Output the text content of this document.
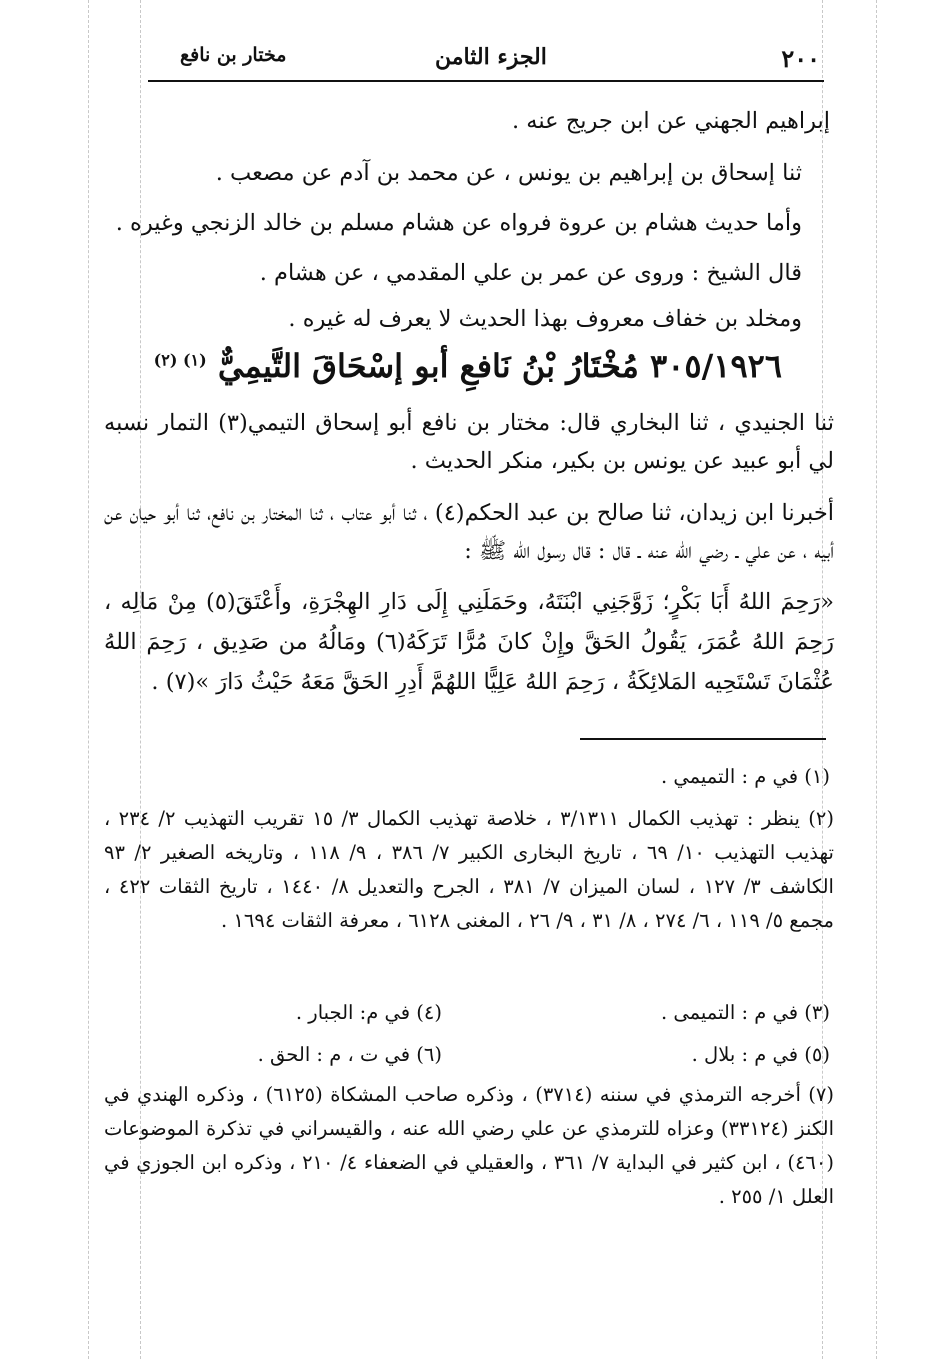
٢٠٠
الجزء الثامن
مختار بن نافع
إبراهيم الجهني عن ابن جريج عنه .
ثنا إسحاق بن إبراهيم بن يونس ، عن محمد بن آدم عن مصعب .
وأما حديث هشام بن عروة فرواه عن هشام مسلم بن خالد الزنجي وغيره .
قال الشيخ : وروى عن عمر بن علي المقدمي ، عن هشام .
ومخلد بن خفاف معروف بهذا الحديث لا يعرف له غيره .
٣٠٥/١٩٢٦ مُخْتَارُ بْنُ نَافعِ أبو إسْحَاقَ التَّيمِيٌّ $^{(١) (٢)}$
ثنا الجنيدي ، ثنا البخاري قال: مختار بن نافع أبو إسحاق التيمي(٣) التمار نسبه لي أبو عبيد عن يونس بن بكير، منكر الحديث .
أخبرنا ابن زيدان، ثنا صالح بن عبد الحكم(٤) ، ثنا أبو عتاب ، ثنا المختار بن نافع، ثنا أبو حيان عن أبيه ، عن علي ـ رضي الله عنه ـ قال : قال رسول الله ﷺ :
«رَحِمَ اللهُ أَبَا بَكْرٍ؛ زَوَّجَنِي ابْنَتَهُ، وحَمَلَنِي إِلَى دَارِ الهِجْرَةِ، وأَعْتَقَ(٥) مِنْ مَالِه ، رَحِمَ اللهُ عُمَرَ، يَقُولُ الحَقَّ وإِنْ كانَ مُرًّا تَرَكَهُ(٦) ومَالُهُ من صَدِيق ، رَحِمَ اللهُ عُثْمَانَ تَسْتَحِيه المَلائِكَةُ ، رَحِمَ اللهُ عَلِيًّا اللهُمَّ أَدِرِ الحَقَّ مَعَهُ حَيْثُ دَارَ »(٧) .
(١) في م : التميمي .
(٢) ينظر : تهذيب الكمال ٣/١٣١١ ، خلاصة تهذيب الكمال ٣/ ١٥ تقريب التهذيب ٢/ ٢٣٤ ، تهذيب التهذيب ١٠/ ٦٩ ، تاريخ البخارى الكبير ٧/ ٣٨٦ ، ٩/ ١١٨ ، وتاريخه الصغير ٢/ ٩٣ الكاشف ٣/ ١٢٧ ، لسان الميزان ٧/ ٣٨١ ، الجرح والتعديل ٨/ ١٤٤٠ ، تاريخ الثقات ٤٢٢ ، مجمع ٥/ ١١٩ ، ٦/ ٢٧٤ ، ٨/ ٣١ ، ٩/ ٢٦ ، المغنى ٦١٢٨ ، معرفة الثقات ١٦٩٤ .
(٣) في م : التميمى .
(٤) في م: الجبار .
(٥) في م : بلال .
(٦) في ت ، م : الحق .
(٧) أخرجه الترمذي في سننه (٣٧١٤) ، وذكره صاحب المشكاة (٦١٢٥) ، وذكره الهندي في الكنز (٣٣١٢٤) وعزاه للترمذي عن علي رضي الله عنه ، والقيسراني في تذكرة الموضوعات (٤٦٠) ، ابن كثير في البداية ٧/ ٣٦١ ، والعقيلي في الضعفاء ٤/ ٢١٠ ، وذكره ابن الجوزي في العلل ١/ ٢٥٥ .
